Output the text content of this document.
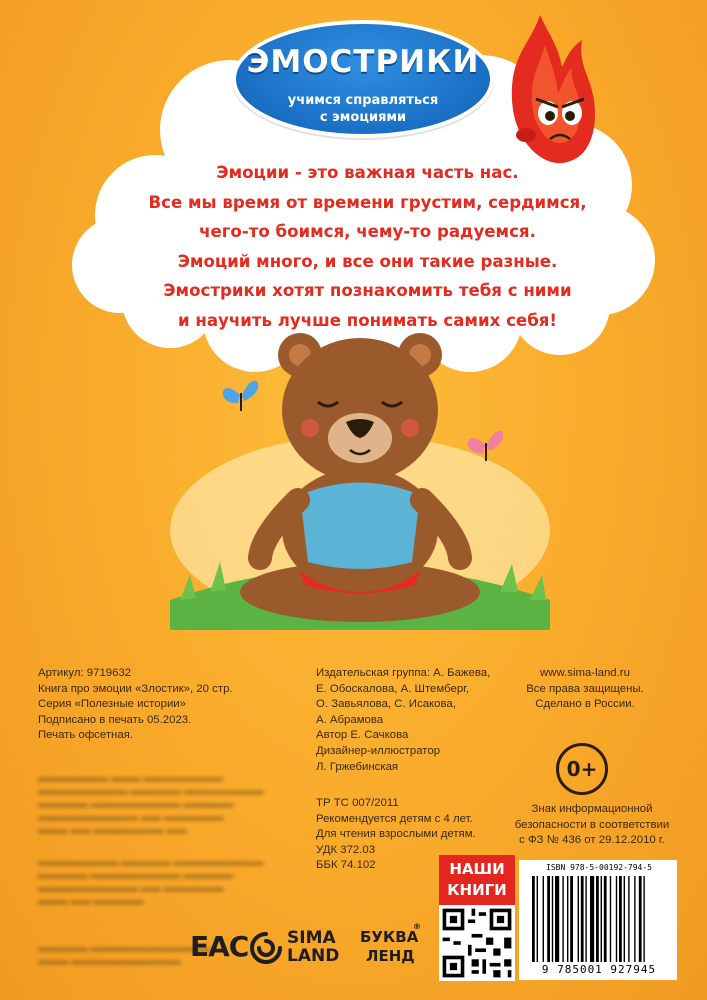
ЭМОСТРИКИ
учимся справляться
с эмоциями
Эмоции - это важная часть нас.
Все мы время от времени грустим, сердимся,
чего-то боимся, чему-то радуемся.
Эмоций много, и все они такие разные.
Эмострики хотят познакомить тебя с ними
и научить лучше понимать самих себя!
Артикул: 9719632
Книга про эмоции «Злостик», 20 стр.
Серия «Полезные истории»
Подписано в печать 05.2023.
Печать офсетная.
Издательская группа: А. Бажева,
Е. Обоскалова, А. Штемберг,
О. Завьялова, С. Исакова,
А. Абрамова
Автор Е. Сачкова
Дизайнер-иллюстратор
Л. Гржебинская
www.sima-land.ru
Все права защищены.
Сделано в России.
0+
Знак информационной
безопасности в соответствии
с ФЗ № 436 от 29.12.2010 г.
ТР ТС 007/2011
Рекомендуется детям с 4 лет.
Для чтения взрослыми детям.
УДК 372.03
ББК 74.102
▬▬▬▬▬▬▬ ▬▬▬ ▬▬▬▬▬▬▬▬
▬▬▬▬▬▬▬▬▬ ▬▬▬▬▬ ▬▬▬▬▬▬▬▬
▬▬▬▬▬ ▬▬▬▬▬▬▬▬▬ ▬▬▬▬▬
▬▬▬▬▬▬▬▬▬▬ ▬▬ ▬▬▬▬▬▬
▬▬▬ ▬▬ ▬▬▬▬▬▬▬ ▬▬
▬▬▬▬▬▬▬▬ ▬▬▬▬▬ ▬▬▬▬▬▬▬▬▬
▬▬▬▬▬ ▬▬▬▬▬▬▬▬▬ ▬▬▬▬▬
▬▬▬▬▬▬▬▬▬▬ ▬▬ ▬▬▬▬▬▬
▬▬▬ ▬▬ ▬▬▬▬▬
▬▬▬▬▬ ▬▬▬▬▬▬▬▬▬▬▬▬
▬▬▬ ▬▬▬▬▬▬▬▬▬▬▬ EAC SIMA
LAND
БУКВА
ЛЕНД
®
НАШИ
КНИГИ
ISBN 978-5-00192-794-5
9 785001 927945
